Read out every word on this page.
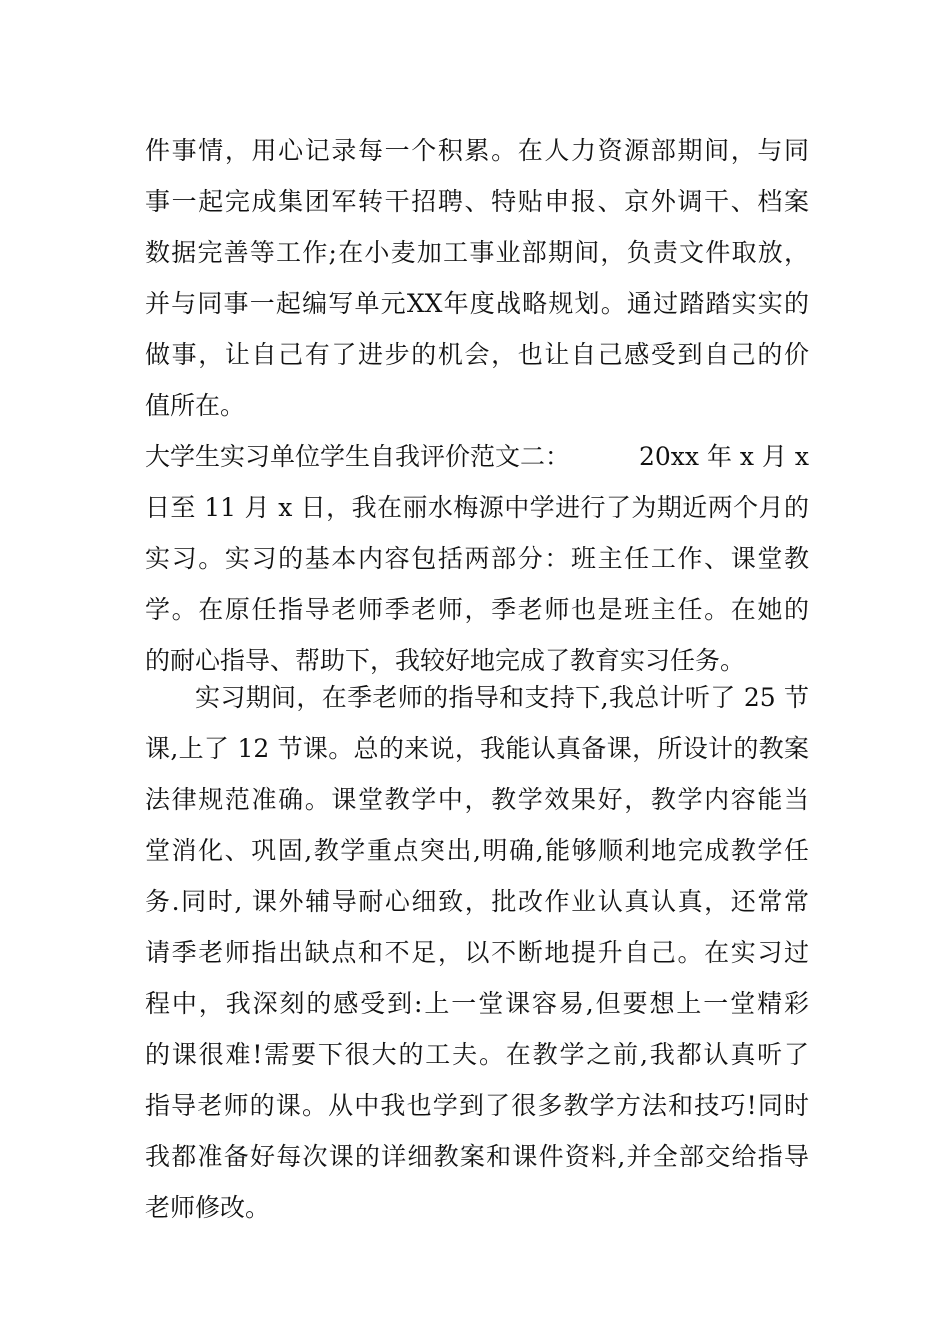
件事情，用心记录每一个积累。在人力资源部期间，与同
事一起完成集团军转干招聘、特贴申报、京外调干、档案
数据完善等工作;在小麦加工事业部期间，负责文件取放，
并与同事一起编写单元XX年度战略规划。通过踏踏实实的
做事，让自己有了进步的机会，也让自己感受到自己的价
值所在。
大学生实习单位学生自我评价范文二：	20xx 年 x 月 x
日至 11 月 x 日，我在丽水梅源中学进行了为期近两个月的
实习。实习的基本内容包括两部分：班主任工作、课堂教
学。在原任指导老师季老师，季老师也是班主任。在她的
的耐心指导、帮助下，我较好地完成了教育实习任务。
实习期间，在季老师的指导和支持下,我总计听了 25 节
课,上了 12 节课。总的来说，我能认真备课，所设计的教案
法律规范准确。课堂教学中，教学效果好，教学内容能当
堂消化、巩固,教学重点突出,明确,能够顺利地完成教学任
务.同时, 课外辅导耐心细致，批改作业认真认真，还常常
请季老师指出缺点和不足，以不断地提升自己。在实习过
程中，我深刻的感受到:上一堂课容易,但要想上一堂精彩
的课很难!需要下很大的工夫。在教学之前,我都认真听了
指导老师的课。从中我也学到了很多教学方法和技巧!同时
我都准备好每次课的详细教案和课件资料,并全部交给指导
老师修改。
